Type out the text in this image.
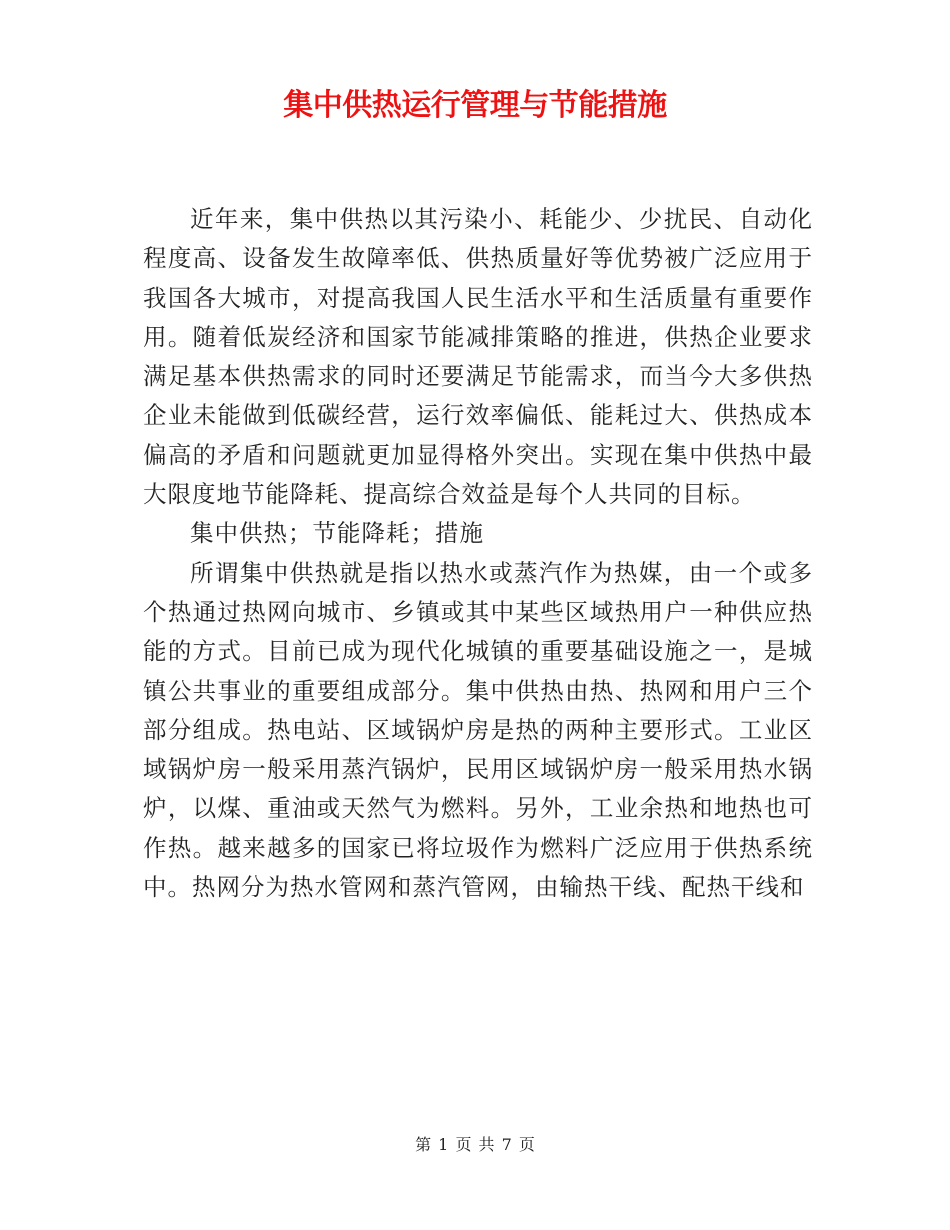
集中供热运行管理与节能措施

近年来，集中供热以其污染小、耗能少、少扰民、自动化程度高、设备发生故障率低、供热质量好等优势被广泛应用于我国各大城市，对提高我国人民生活水平和生活质量有重要作用。随着低炭经济和国家节能减排策略的推进，供热企业要求满足基本供热需求的同时还要满足节能需求，而当今大多供热企业未能做到低碳经营，运行效率偏低、能耗过大、供热成本偏高的矛盾和问题就更加显得格外突出。实现在集中供热中最大限度地节能降耗、提高综合效益是每个人共同的目标。

集中供热；节能降耗；措施

所谓集中供热就是指以热水或蒸汽作为热媒，由一个或多个热通过热网向城市、乡镇或其中某些区域热用户一种供应热能的方式。目前已成为现代化城镇的重要基础设施之一，是城镇公共事业的重要组成部分。集中供热由热、热网和用户三个部分组成。热电站、区域锅炉房是热的两种主要形式。工业区域锅炉房一般采用蒸汽锅炉，民用区域锅炉房一般采用热水锅炉，以煤、重油或天然气为燃料。另外，工业余热和地热也可作热。越来越多的国家已将垃圾作为燃料广泛应用于供热系统中。热网分为热水管网和蒸汽管网，由输热干线、配热干线和

第 1 页 共 7 页
